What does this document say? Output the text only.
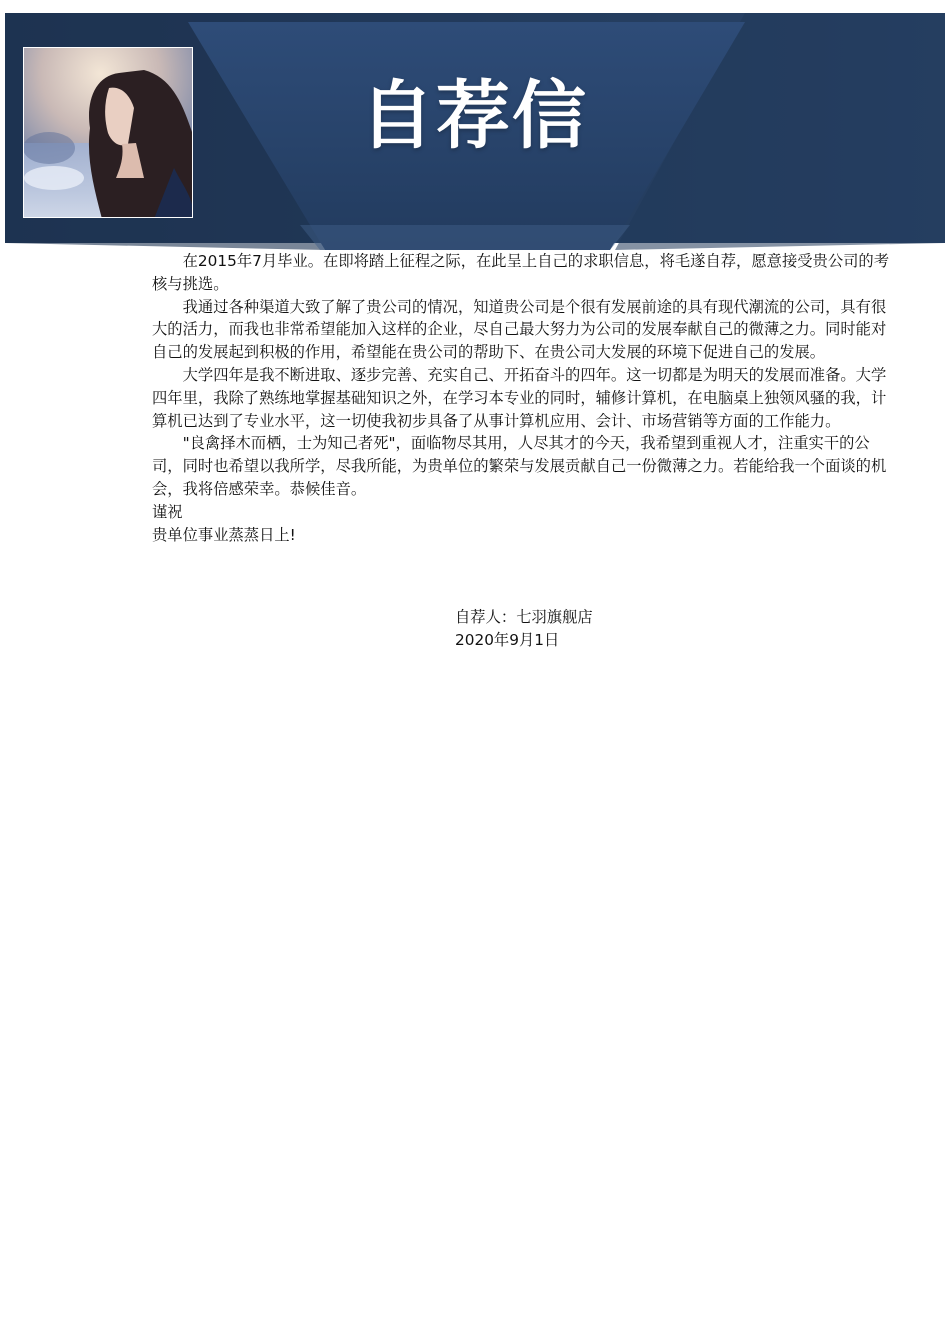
在2015年7月毕业。在即将踏上征程之际，在此呈上自己的求职信息，将毛遂自荐，愿意接受贵公司的考核与挑选。

我通过各种渠道大致了解了贵公司的情况，知道贵公司是个很有发展前途的具有现代潮流的公司，具有很大的活力，而我也非常希望能加入这样的企业，尽自己最大努力为公司的发展奉献自己的微薄之力。同时能对自己的发展起到积极的作用，希望能在贵公司的帮助下、在贵公司大发展的环境下促进自己的发展。

大学四年是我不断进取、逐步完善、充实自己、开拓奋斗的四年。这一切都是为明天的发展而准备。大学四年里，我除了熟练地掌握基础知识之外，在学习本专业的同时，辅修计算机，在电脑桌上独领风骚的我，计算机已达到了专业水平，这一切使我初步具备了从事计算机应用、会计、市场营销等方面的工作能力。

"良禽择木而栖，士为知己者死"，面临物尽其用，人尽其才的今天，我希望到重视人才，注重实干的公司，同时也希望以我所学，尽我所能，为贵单位的繁荣与发展贡献自己一份微薄之力。若能给我一个面谈的机会，我将倍感荣幸。恭候佳音。

谨祝

贵单位事业蒸蒸日上!

自荐人：七羽旗舰店
2020年9月1日
自荐信
